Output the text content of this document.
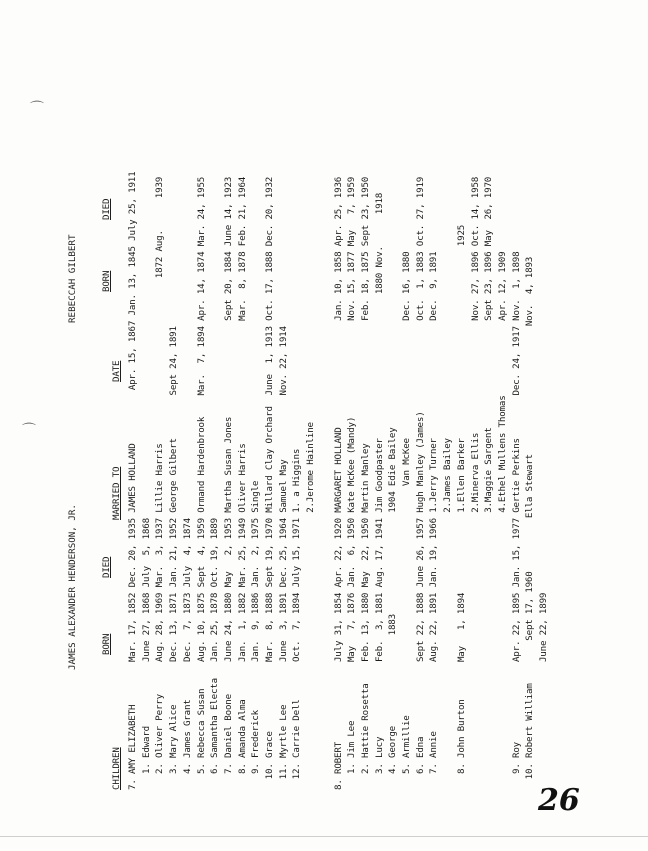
JAMES ALEXANDER HENDERSON, JR.
REBECCAH GILBERT
CHILDREN
BORN
DIED
MARRIED TO
DATE
BORN
DIED 7. AMY ELIZABETH        Mar. 17, 1852 Dec. 20, 1935 JAMES HOLLAND          Apr. 15, 1867 Jan. 13, 1845 July 25, 1911 1. Edward            June 27, 1868 July  5, 1868 2. Oliver Perry      Aug. 28, 1969 Mar.  3, 1937 Lillie Harris                               1872 Aug.      1939 3. Mary Alice        Dec. 13, 1871 Jan. 21, 1952 George Gilbert        Sept 24, 1891 4. James Grant       Dec.  7, 1873 July  4, 1874 5. Rebecca Susan     Aug. 10, 1875 Sept  4, 1959 Ormand Hardenbrook    Mar.  7, 1894 Apr. 14, 1874 Mar. 24, 1955 6. Samantha Electa   Jan. 25, 1878 Oct. 19, 1889 7. Daniel Boone      June 24, 1880 May   2, 1953 Martha Susan Jones                  Sept 20, 1884 June 14, 1923 8. Amanda Alma       Jan.  1, 1882 Mar. 25, 1949 Oliver Harris                       Mar.  8, 1878 Feb. 21, 1964 9. Frederick         Jan.  9, 1886 Jan.  2, 1975 Single 10. Grace             Mar.  8, 1888 Sept 19, 1970 Millard Clay Orchard  June  1, 1913 Oct. 17, 1888 Dec. 20, 1932 11. Myrtle Lee        June  3, 1891 Dec. 25, 1964 Samuel May            Nov. 22, 1914 12. Carrie Dell       Oct.  7, 1894 July 15, 1971 1. a Higgins 2.Jerome Hainline 8. ROBERT               July 31, 1854 Apr. 22, 1920 MARGARET HOLLAND                    Jan. 10, 1858 Apr. 25, 1936 1. Jim Lee           May   7, 1876 Jan.  6, 1950 Kate McKee (Mandy)                  Nov. 15, 1877 May   7, 1959 2. Hattie Rosetta    Feb. 13, 1880 May  22, 1950 Martin Manley                       Feb. 18, 1875 Sept 23, 1950 3. Lucy              Feb.  3, 1881 Aug. 17, 1941 Jim Goodpaster                           1880 Nov.      1918 4. George                 1883                   1904 Edie Bailey 5. Armillie                                           Van McKee                      Dec. 16, 1880 6. Edna              Sept 22, 1888 June 26, 1957 Hugh Manley (James)                 Oct.  1, 1883 Oct. 27, 1919 7. Annie             Aug. 22, 1891 Jan. 19, 1966 1.Jerry Turner                      Dec.  9, 1891 2.James Bailey 8. John Burton       May   1, 1894               1.Ellen Barker                                    1925 2.Minerva Ellis                     Nov. 27, 1896 Oct. 14, 1958 3.Maggie Sargent                    Sept 23, 1896 May  26, 1970 4.Ethel Mullens Thomas              Apr. 12, 1909 9. Roy               Apr. 22, 1895 Jan. 15, 1977 Gertie Perkins        Dec. 24, 1917 Nov.  1, 1898 10. Robert William        Sept 17, 1960          Ella Stewart                        Nov.  4, 1893 June 22, 1899
⌒
⌒
26
